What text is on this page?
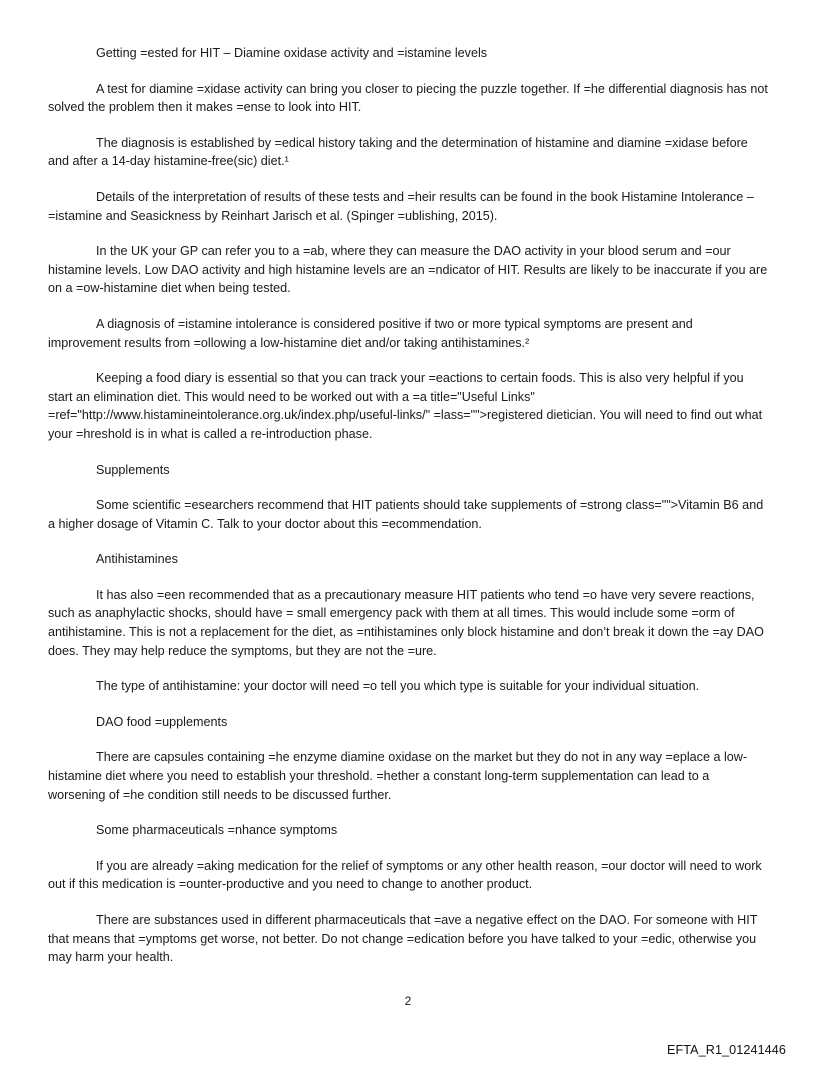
Getting =ested for HIT – Diamine oxidase activity and =istamine levels

A test for diamine =xidase activity can bring you closer to piecing the puzzle together. If =he differential diagnosis has not solved the problem then it makes =ense to look into HIT.

The diagnosis is established by =edical history taking and the determination of histamine and diamine =xidase before and after a 14-day histamine-free(sic) diet.¹

Details of the interpretation of results of these tests and =heir results can be found in the book Histamine Intolerance – =istamine and Seasickness by Reinhart Jarisch et al. (Spinger =ublishing, 2015).

In the UK your GP can refer you to a =ab, where they can measure the DAO activity in your blood serum and =our histamine levels. Low DAO activity and high histamine levels are an =ndicator of HIT. Results are likely to be inaccurate if you are on a =ow-histamine diet when being tested.

A diagnosis of =istamine intolerance is considered positive if two or more typical symptoms are present and improvement results from =ollowing a low-histamine diet and/or taking antihistamines.²

Keeping a food diary is essential so that you can track your =eactions to certain foods. This is also very helpful if you start an elimination diet. This would need to be worked out with a =a title="Useful Links" =ref="http://www.histamineintolerance.org.uk/index.php/useful-links/" =lass="">registered dietician. You will need to find out what your =hreshold is in what is called a re-introduction phase.

Supplements

Some scientific =esearchers recommend that HIT patients should take supplements of =strong class="">Vitamin B6 and a higher dosage of Vitamin C. Talk to your doctor about this =ecommendation.

Antihistamines

It has also =een recommended that as a precautionary measure HIT patients who tend =o have very severe reactions, such as anaphylactic shocks, should have = small emergency pack with them at all times. This would include some =orm of antihistamine. This is not a replacement for the diet, as =ntihistamines only block histamine and don’t break it down the =ay DAO does. They may help reduce the symptoms, but they are not the =ure.

The type of antihistamine: your doctor will need =o tell you which type is suitable for your individual situation.

DAO food =upplements

There are capsules containing =he enzyme diamine oxidase on the market but they do not in any way =eplace a low-histamine diet where you need to establish your threshold. =hether a constant long-term supplementation can lead to a worsening of =he condition still needs to be discussed further.

Some pharmaceuticals =nhance symptoms

If you are already =aking medication for the relief of symptoms or any other health reason, =our doctor will need to work out if this medication is =ounter-productive and you need to change to another product.

There are substances used in different pharmaceuticals that =ave a negative effect on the DAO. For someone with HIT that means that =ymptoms get worse, not better. Do not change =edication before you have talked to your =edic, otherwise you may harm your health.

2
EFTA_R1_01241446
